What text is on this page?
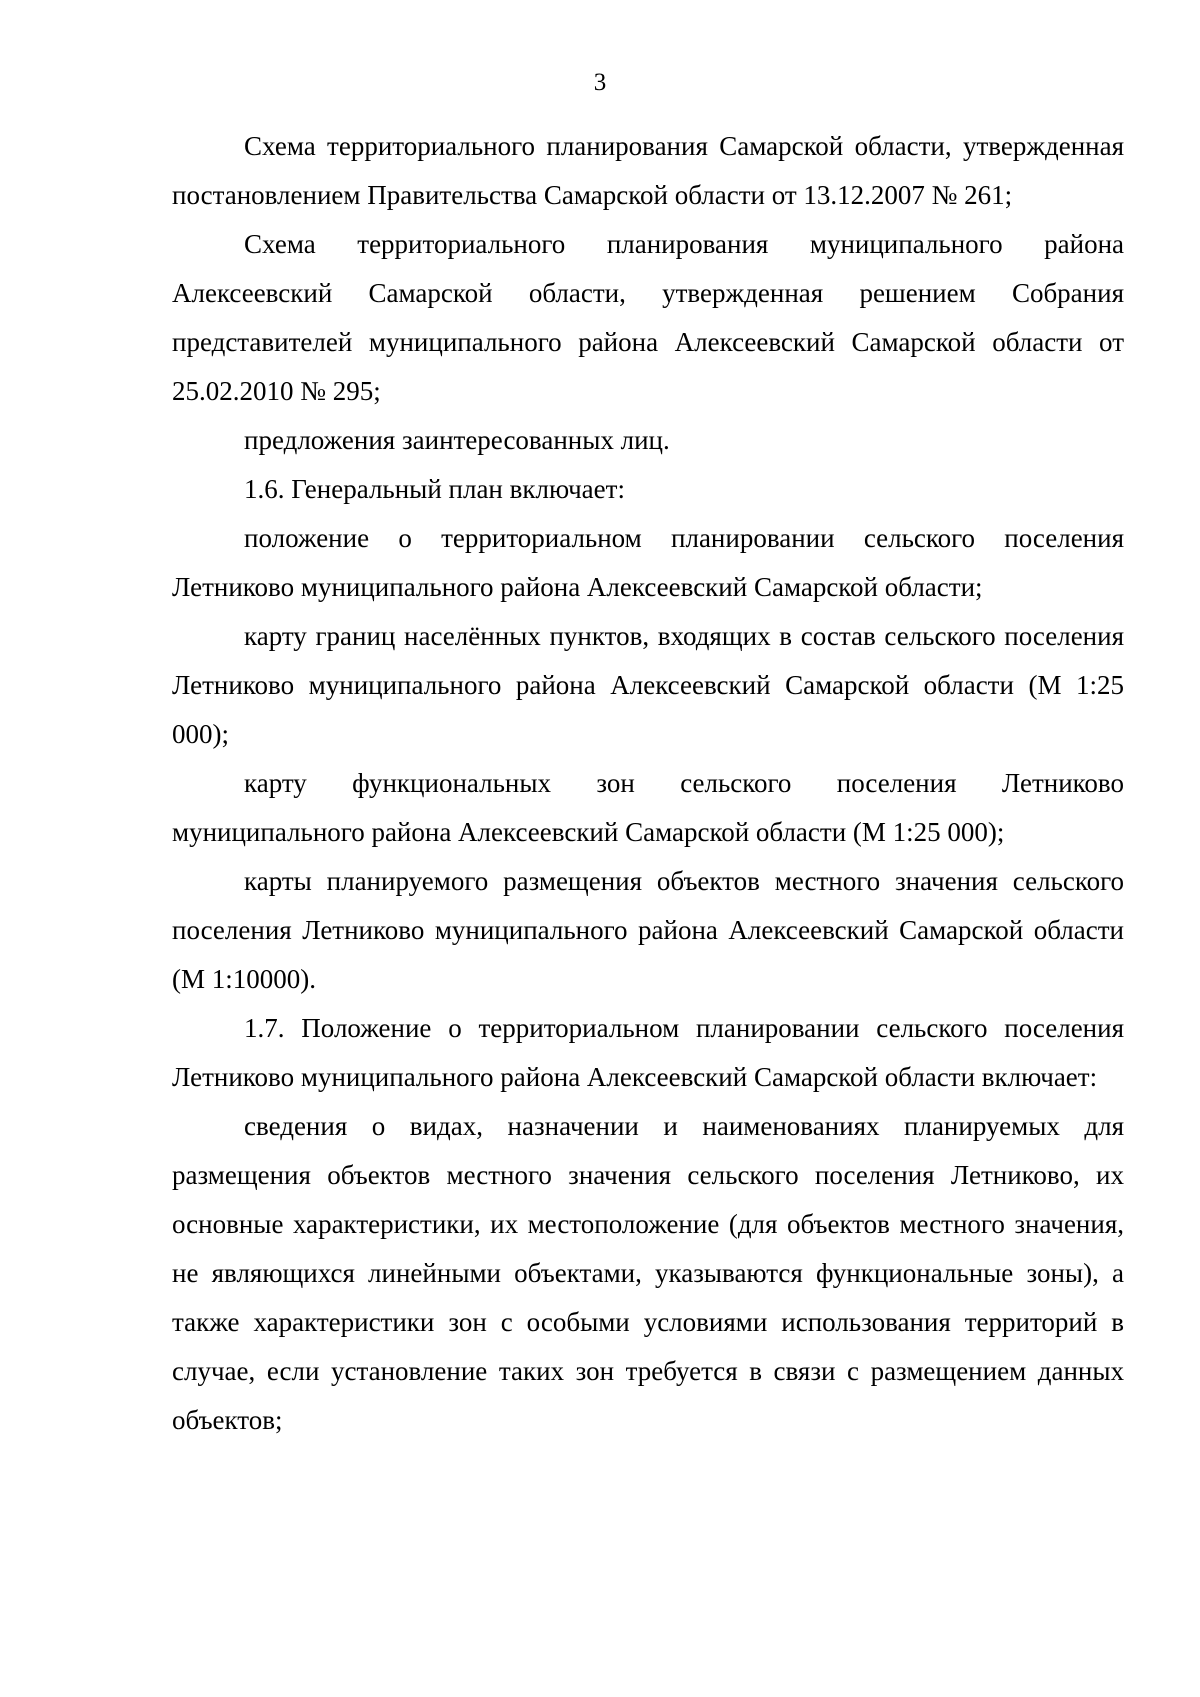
3

Схема территориального планирования Самарской области, утвержденная постановлением Правительства Самарской области от 13.12.2007 № 261;

Схема территориального планирования муниципального района Алексеевский Самарской области, утвержденная решением Собрания представителей муниципального района Алексеевский Самарской области от 25.02.2010 № 295;

предложения заинтересованных лиц.

1.6. Генеральный план включает:

положение о территориальном планировании сельского поселения Летниково муниципального района Алексеевский Самарской области;

карту границ населённых пунктов, входящих в состав сельского поселения Летниково муниципального района Алексеевский Самарской области (М 1:25 000);

карту функциональных зон сельского поселения Летниково муниципального района Алексеевский Самарской области (М 1:25 000);

карты планируемого размещения объектов местного значения сельского поселения Летниково муниципального района Алексеевский Самарской области (М 1:10000).

1.7. Положение о территориальном планировании сельского поселения Летниково муниципального района Алексеевский Самарской области включает:

сведения о видах, назначении и наименованиях планируемых для размещения объектов местного значения сельского поселения Летниково, их основные характеристики, их местоположение (для объектов местного значения, не являющихся линейными объектами, указываются функциональные зоны), а также характеристики зон с особыми условиями использования территорий в случае, если установление таких зон требуется в связи с размещением данных объектов;
